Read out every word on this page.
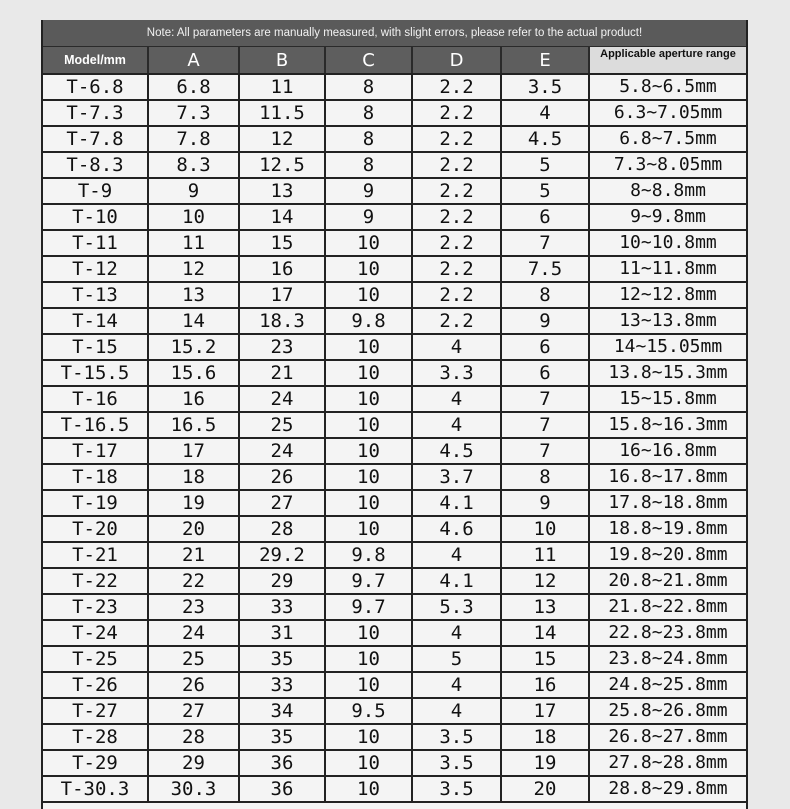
Note: All parameters are manually measured, with slight errors, please refer to the actual product!
Model/mm	A	B	C	D	E	Applicable aperture range
T-6.8	6.8	11	8	2.2	3.5	5.8~6.5mm
T-7.3	7.3	11.5	8	2.2	4	6.3~7.05mm
T-7.8	7.8	12	8	2.2	4.5	6.8~7.5mm
T-8.3	8.3	12.5	8	2.2	5	7.3~8.05mm
T-9	9	13	9	2.2	5	8~8.8mm
T-10	10	14	9	2.2	6	9~9.8mm
T-11	11	15	10	2.2	7	10~10.8mm
T-12	12	16	10	2.2	7.5	11~11.8mm
T-13	13	17	10	2.2	8	12~12.8mm
T-14	14	18.3	9.8	2.2	9	13~13.8mm
T-15	15.2	23	10	4	6	14~15.05mm
T-15.5	15.6	21	10	3.3	6	13.8~15.3mm
T-16	16	24	10	4	7	15~15.8mm
T-16.5	16.5	25	10	4	7	15.8~16.3mm
T-17	17	24	10	4.5	7	16~16.8mm
T-18	18	26	10	3.7	8	16.8~17.8mm
T-19	19	27	10	4.1	9	17.8~18.8mm
T-20	20	28	10	4.6	10	18.8~19.8mm
T-21	21	29.2	9.8	4	11	19.8~20.8mm
T-22	22	29	9.7	4.1	12	20.8~21.8mm
T-23	23	33	9.7	5.3	13	21.8~22.8mm
T-24	24	31	10	4	14	22.8~23.8mm
T-25	25	35	10	5	15	23.8~24.8mm
T-26	26	33	10	4	16	24.8~25.8mm
T-27	27	34	9.5	4	17	25.8~26.8mm
T-28	28	35	10	3.5	18	26.8~27.8mm
T-29	29	36	10	3.5	19	27.8~28.8mm
T-30.3	30.3	36	10	3.5	20	28.8~29.8mm
